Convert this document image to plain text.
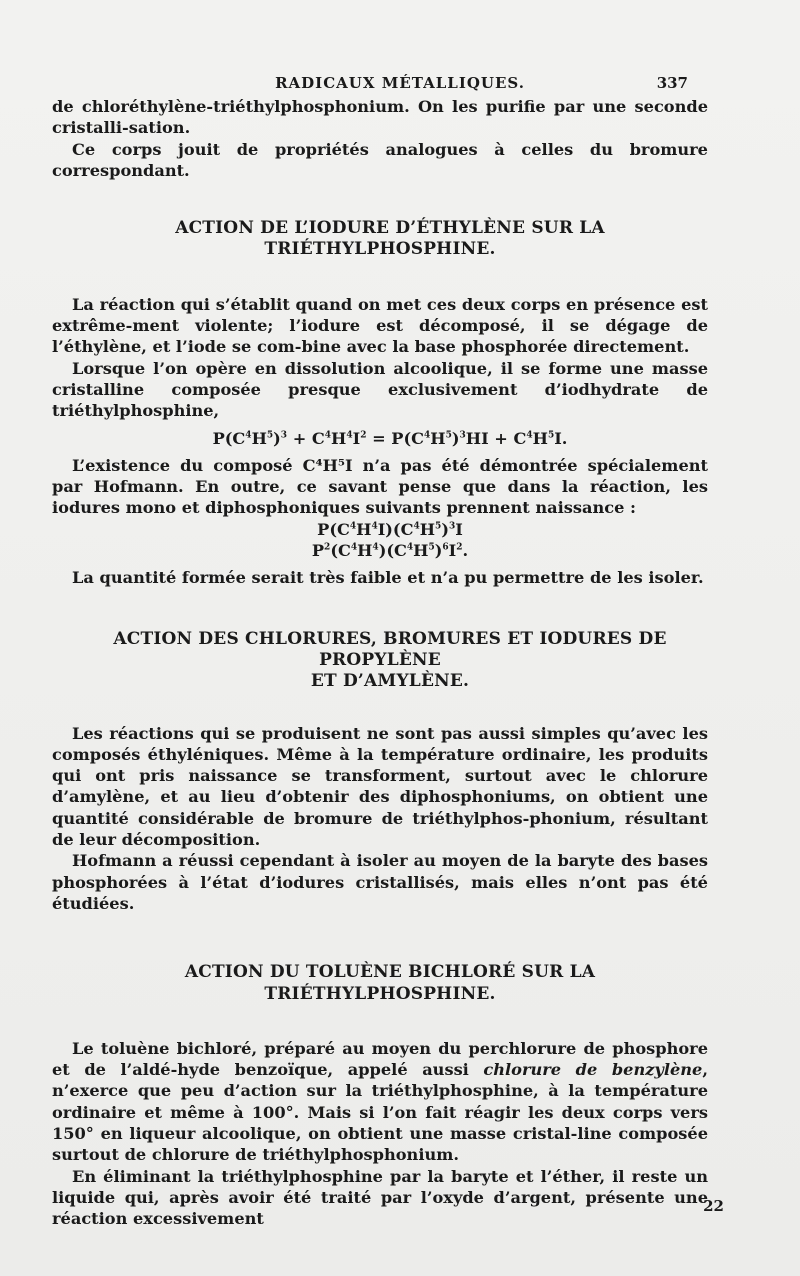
RADICAUX MÉTALLIQUES.	337

de chloréthylène-triéthylphosphonium. On les purifie par une seconde cristalli-sation.

Ce corps jouit de propriétés analogues à celles du bromure correspondant.

ACTION DE L’IODURE D’ÉTHYLÈNE SUR LA TRIÉTHYLPHOSPHINE.

La réaction qui s’établit quand on met ces deux corps en présence est extrême-ment violente; l’iodure est décomposé, il se dégage de l’éthylène, et l’iode se com-bine avec la base phosphorée directement.

Lorsque l’on opère en dissolution alcoolique, il se forme une masse cristalline composée presque exclusivement d’iodhydrate de triéthylphosphine,

$P(C^4H^5)^3 + C^4H^4I^2 = P(C^4H^5)^3HI + C^4H^5I$.

L’existence du composé C⁴H⁵I n’a pas été démontrée spécialement par Hofmann. En outre, ce savant pense que dans la réaction, les iodures mono et diphosphoniques suivants prennent naissance :

$P(C^4H^4I)(C^4H^5)^3I$

$P^2(C^4H^4)(C^4H^5)^6I^2$.

La quantité formée serait très faible et n’a pu permettre de les isoler.

ACTION DES CHLORURES, BROMURES ET IODURES DE PROPYLÈNE

ET D’AMYLÈNE.

Les réactions qui se produisent ne sont pas aussi simples qu’avec les composés éthyléniques. Même à la température ordinaire, les produits qui ont pris naissance se transforment, surtout avec le chlorure d’amylène, et au lieu d’obtenir des diphosphoniums, on obtient une quantité considérable de bromure de triéthylphos-phonium, résultant de leur décomposition.

Hofmann a réussi cependant à isoler au moyen de la baryte des bases phosphorées à l’état d’iodures cristallisés, mais elles n’ont pas été étudiées.

ACTION DU TOLUÈNE BICHLORÉ SUR LA TRIÉTHYLPHOSPHINE.

Le toluène bichloré, préparé au moyen du perchlorure de phosphore et de l’aldé-hyde benzoïque, appelé aussi chlorure de benzylène, n’exerce que peu d’action sur la triéthylphosphine, à la température ordinaire et même à 100°. Mais si l’on fait réagir les deux corps vers 150° en liqueur alcoolique, on obtient une masse cristal-line composée surtout de chlorure de triéthylphosphonium.

En éliminant la triéthylphosphine par la baryte et l’éther, il reste un liquide qui, après avoir été traité par l’oxyde d’argent, présente une réaction excessivement

22
